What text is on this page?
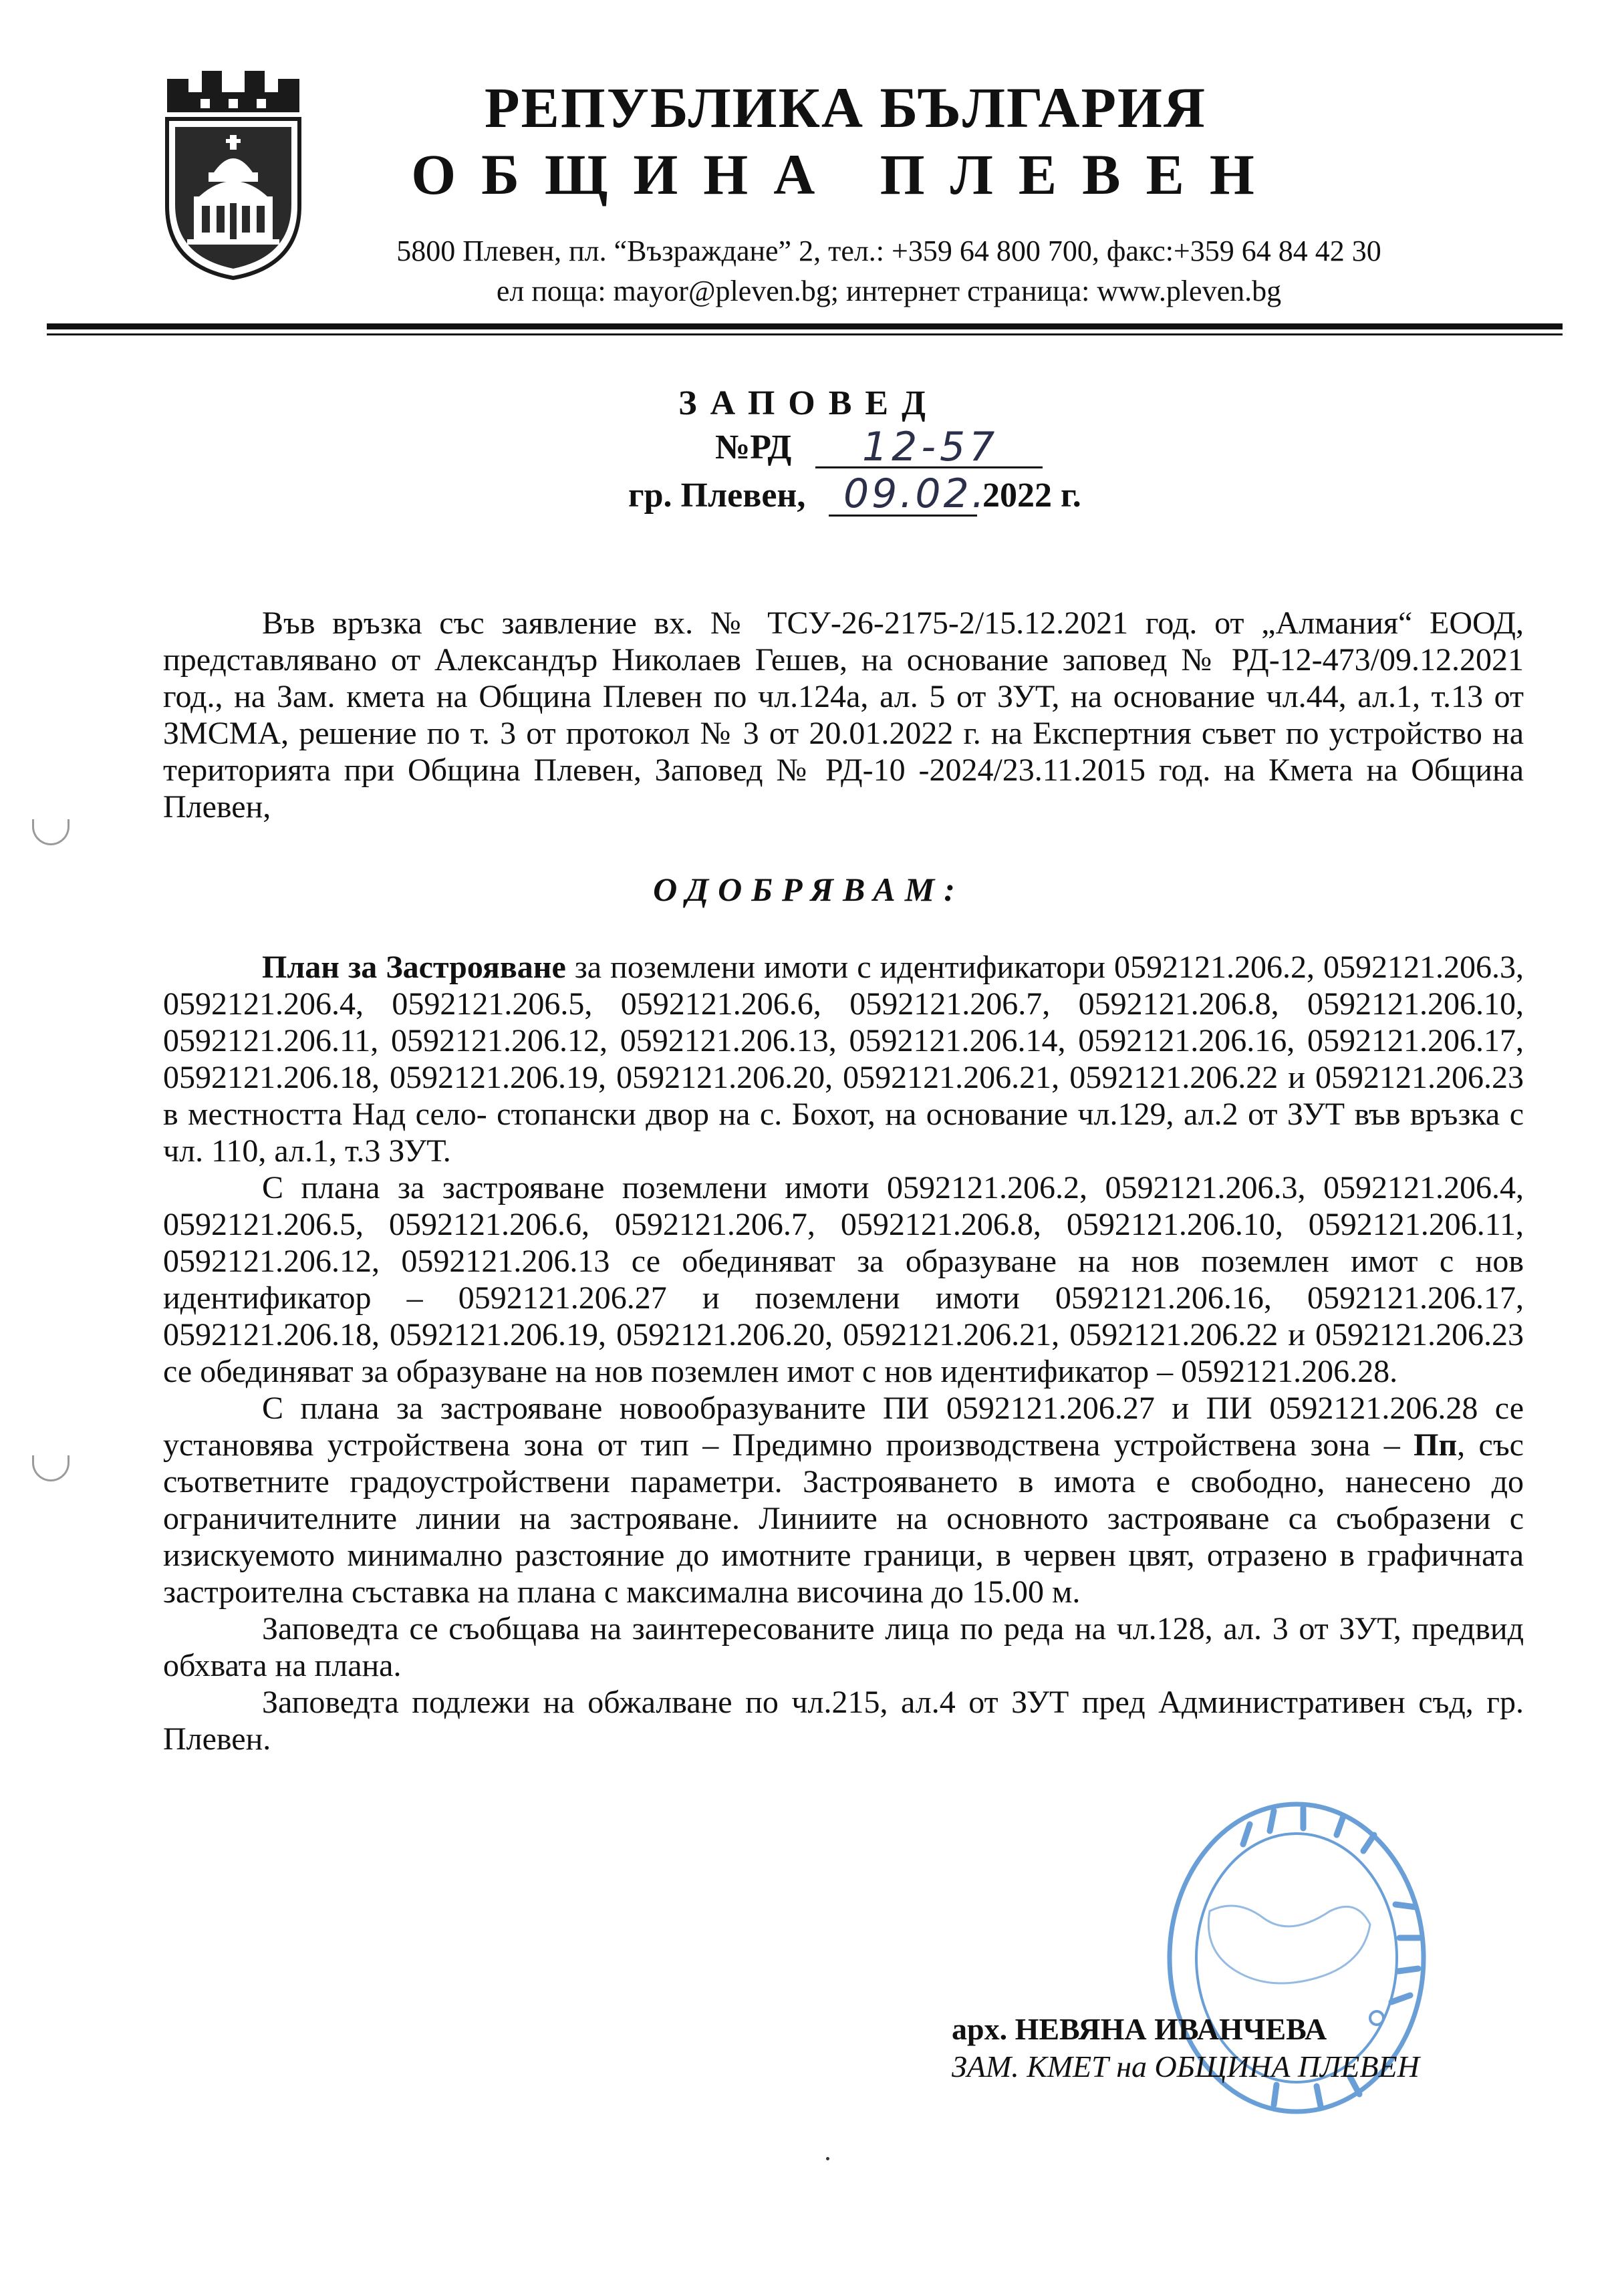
РЕПУБЛИКА БЪЛГАРИЯ
ОБЩИНА ПЛЕВЕН
5800 Плевен, пл. “Възраждане” 2, тел.: +359 64 800 700, факс:+359 64 84 42 30
ел поща: mayor@pleven.bg; интернет страница: www.pleven.bg
ЗАПОВЕД
№РД 12-57
гр. Плевен, 09.02.
2022 г.

Във връзка със заявление вх. № ТСУ-26-2175-2/15.12.2021 год. от „Алмания“ ЕООД, представлявано от Александър Николаев Гешев, на основание заповед № РД-12-473/09.12.2021 год., на Зам. кмета на Община Плевен по чл.124а, ал. 5 от ЗУТ, на основание чл.44, ал.1, т.13 от ЗМСМА, решение по т. 3 от протокол № 3 от 20.01.2022 г. на Експертния съвет по устройство на територията при Община Плевен, Заповед № РД-10 -2024/23.11.2015 год. на Кмета на Община Плевен,

ОДОБРЯВАМ:

План за Застрояване за поземлени имоти с идентификатори 0592121.206.2, 0592121.206.3, 0592121.206.4, 0592121.206.5, 0592121.206.6, 0592121.206.7, 0592121.206.8, 0592121.206.10, 0592121.206.11, 0592121.206.12, 0592121.206.13, 0592121.206.14, 0592121.206.16, 0592121.206.17, 0592121.206.18, 0592121.206.19, 0592121.206.20, 0592121.206.21, 0592121.206.22 и 0592121.206.23 в местността Над село- стопански двор на с. Бохот, на основание чл.129, ал.2 от ЗУТ във връзка с чл. 110, ал.1, т.3 ЗУТ.

С плана за застрояване поземлени имоти 0592121.206.2, 0592121.206.3, 0592121.206.4, 0592121.206.5, 0592121.206.6, 0592121.206.7, 0592121.206.8, 0592121.206.10, 0592121.206.11, 0592121.206.12, 0592121.206.13 се обединяват за образуване на нов поземлен имот с нов идентификатор – 0592121.206.27 и поземлени имоти 0592121.206.16, 0592121.206.17, 0592121.206.18, 0592121.206.19, 0592121.206.20, 0592121.206.21, 0592121.206.22 и 0592121.206.23 се обединяват за образуване на нов поземлен имот с нов идентификатор – 0592121.206.28.

С плана за застрояване новообразуваните ПИ 0592121.206.27 и ПИ 0592121.206.28 се установява устройствена зона от тип – Предимно производствена устройствена зона – Пп, със съответните градоустройствени параметри. Застрояването в имота е свободно, нанесено до ограничителните линии на застрояване. Линиите на основното застрояване са съобразени с изискуемото минимално разстояние до имотните граници, в червен цвят, отразено в графичната застроителна съставка на плана с максимална височина до 15.00 м.

Заповедта се съобщава на заинтересованите лица по реда на чл.128, ал. 3 от ЗУТ, предвид обхвата на плана.

Заповедта подлежи на обжалване по чл.215, ал.4 от ЗУТ пред Административен съд, гр. Плевен.

арх. НЕВЯНА ИВАНЧЕВА
ЗАМ. КМЕТ на ОБЩИНА ПЛЕВЕН
